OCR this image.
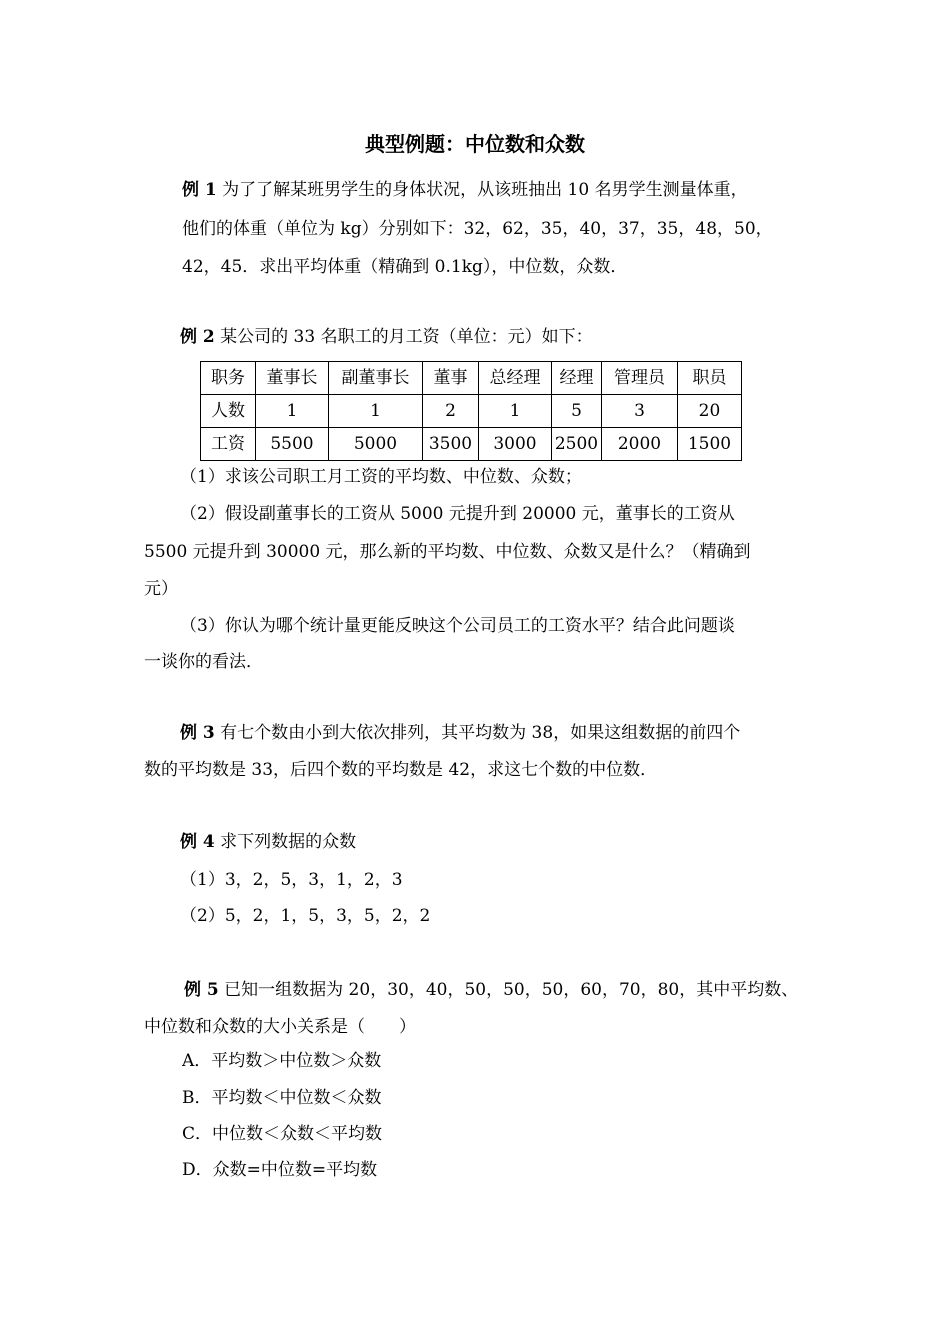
典型例题：中位数和众数
例 1 为了了解某班男学生的身体状况，从该班抽出 10 名男学生测量体重，
他们的体重（单位为 kg）分别如下：32，62，35，40，37，35，48，50，
42，45．求出平均体重（精确到 0.1kg），中位数，众数．
例 2 某公司的 33 名职工的月工资（单位：元）如下：
职务	董事长	副董事长	董事	总经理	经理	管理员	职员
人数	1	1	2	1	5	3	20
工资	5500	5000	3500	3000	2500	2000	1500
（1）求该公司职工月工资的平均数、中位数、众数；
（2）假设副董事长的工资从 5000 元提升到 20000 元，董事长的工资从
5500 元提升到 30000 元，那么新的平均数、中位数、众数又是什么？（精确到
元）
（3）你认为哪个统计量更能反映这个公司员工的工资水平？结合此问题谈
一谈你的看法．
例 3 有七个数由小到大依次排列，其平均数为 38，如果这组数据的前四个
数的平均数是 33，后四个数的平均数是 42，求这七个数的中位数．
例 4 求下列数据的众数
（1）3，2，5，3，1，2，3
（2）5，2，1，5，3，5，2，2
例 5 已知一组数据为 20，30，40，50，50，50，60，70，80，其中平均数、
中位数和众数的大小关系是（　　）
A．平均数＞中位数＞众数
B．平均数＜中位数＜众数
C．中位数＜众数＜平均数
D．众数=中位数=平均数
